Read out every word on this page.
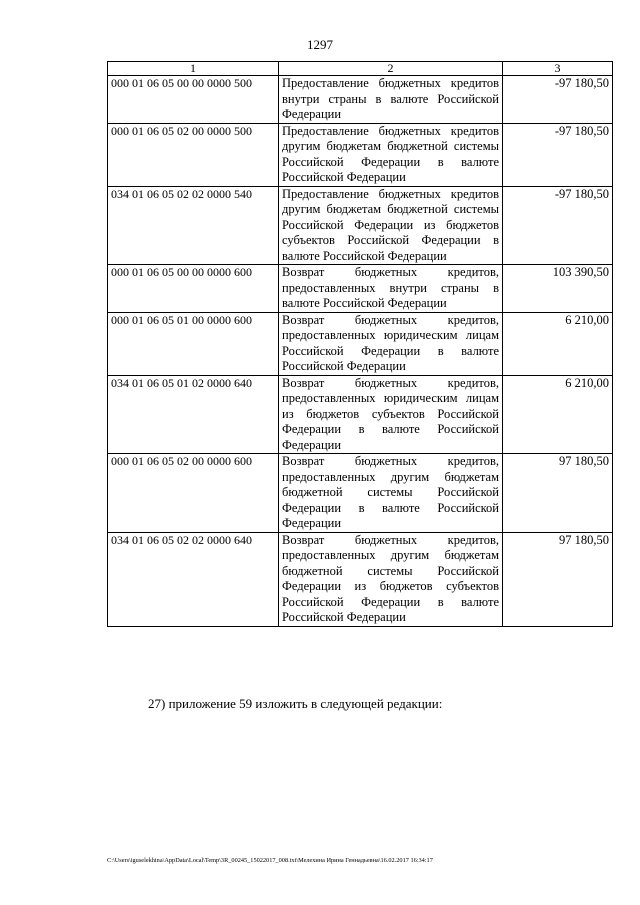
1297
1	2	3
000 01 06 05 00 00 0000 500	Предоставление бюджетных кредитов внутри страны в валюте Российской Федерации	-97 180,50
000 01 06 05 02 00 0000 500	Предоставление бюджетных кредитов другим бюджетам бюджетной системы Российской Федерации в валюте Российской Федерации	-97 180,50
034 01 06 05 02 02 0000 540	Предоставление бюджетных кредитов другим бюджетам бюджетной системы Российской Федерации из бюджетов субъектов Российской Федерации в валюте Российской Федерации	-97 180,50
000 01 06 05 00 00 0000 600	Возврат бюджетных кредитов, предоставленных внутри страны в валюте Российской Федерации	103 390,50
000 01 06 05 01 00 0000 600	Возврат бюджетных кредитов, предоставленных юридическим лицам Российской Федерации в валюте Российской Федерации	6 210,00
034 01 06 05 01 02 0000 640	Возврат бюджетных кредитов, предоставленных юридическим лицам из бюджетов субъектов Российской Федерации в валюте Российской Федерации	6 210,00
000 01 06 05 02 00 0000 600	Возврат бюджетных кредитов, предоставленных другим бюджетам бюджетной системы Российской Федерации в валюте Российской Федерации	97 180,50
034 01 06 05 02 02 0000 640	Возврат бюджетных кредитов, предоставленных другим бюджетам бюджетной системы Российской Федерации из бюджетов субъектов Российской Федерации в валюте Российской Федерации	97 180,50
27) приложение 59 изложить в следующей редакции:
C:\Users\iguselekhina\AppData\Local\Temp\3R_00245_15022017_008.txt\Мелехина Ирина Геннадьевна\16.02.2017 16:34:17
